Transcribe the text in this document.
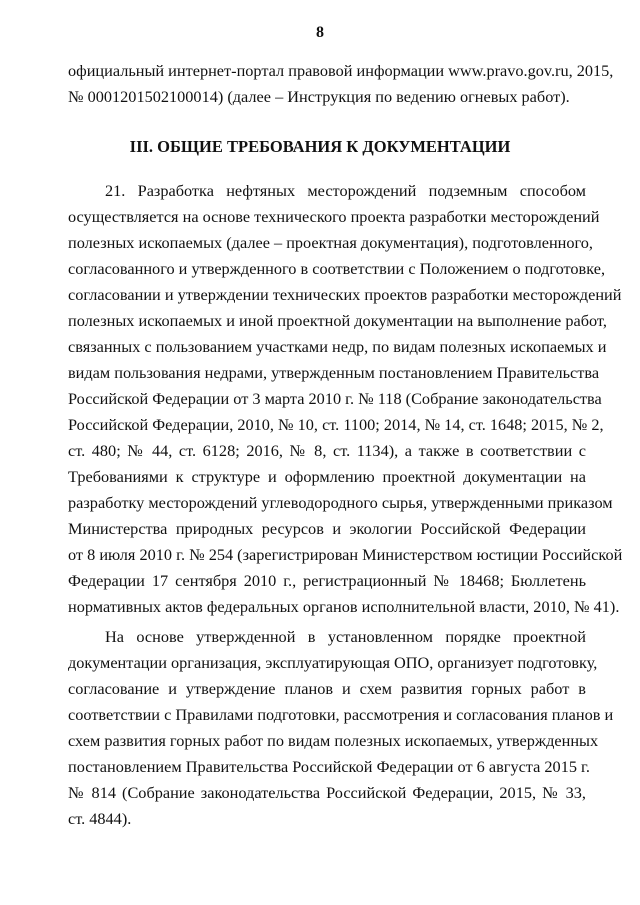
8
официальный интернет-портал правовой информации www.pravo.gov.ru, 2015,
№ 0001201502100014) (далее – Инструкция по ведению огневых работ).
III. ОБЩИЕ ТРЕБОВАНИЯ К ДОКУМЕНТАЦИИ
21. Разработка нефтяных месторождений подземным способом
осуществляется на основе технического проекта разработки месторождений
полезных ископаемых (далее – проектная документация), подготовленного,
согласованного и утвержденного в соответствии с Положением о подготовке,
согласовании и утверждении технических проектов разработки месторождений
полезных ископаемых и иной проектной документации на выполнение работ,
связанных с пользованием участками недр, по видам полезных ископаемых и
видам пользования недрами, утвержденным постановлением Правительства
Российской Федерации от 3 марта 2010 г. № 118 (Собрание законодательства
Российской Федерации, 2010, № 10, ст. 1100; 2014, № 14, ст. 1648; 2015, № 2,
ст. 480; № 44, ст. 6128; 2016, № 8, ст. 1134), а также в соответствии с
Требованиями к структуре и оформлению проектной документации на
разработку месторождений углеводородного сырья, утвержденными приказом
Министерства природных ресурсов и экологии Российской Федерации
от 8 июля 2010 г. № 254 (зарегистрирован Министерством юстиции Российской
Федерации 17 сентября 2010 г., регистрационный № 18468; Бюллетень
нормативных актов федеральных органов исполнительной власти, 2010, № 41).
На основе утвержденной в установленном порядке проектной
документации организация, эксплуатирующая ОПО, организует подготовку,
согласование и утверждение планов и схем развития горных работ в
соответствии с Правилами подготовки, рассмотрения и согласования планов и
схем развития горных работ по видам полезных ископаемых, утвержденных
постановлением Правительства Российской Федерации от 6 августа 2015 г.
№ 814 (Собрание законодательства Российской Федерации, 2015, № 33,
ст. 4844).
